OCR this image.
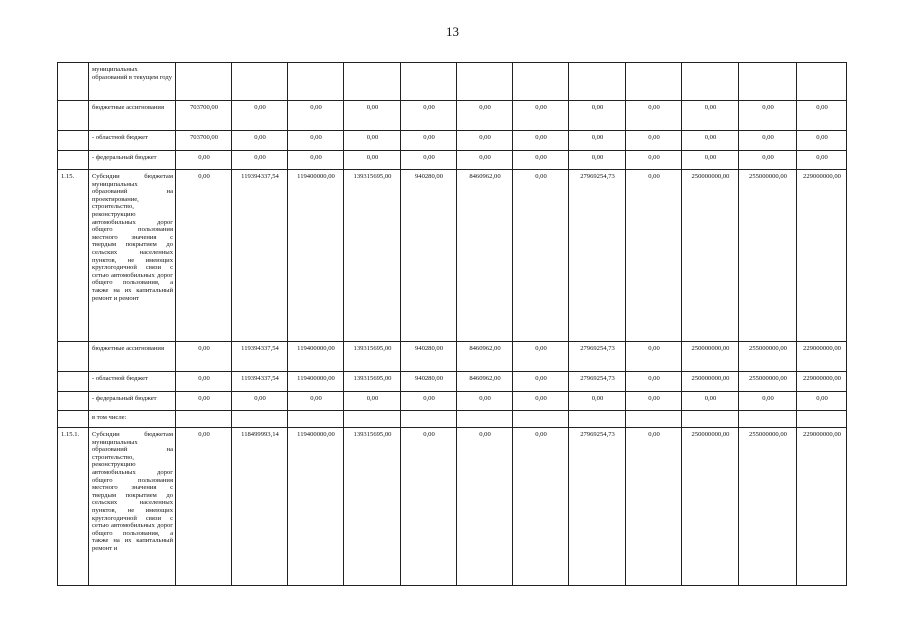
13
	муниципальных образований в текущем году												
	бюджетные ассигнования	703700,00	0,00	0,00	0,00	0,00	0,00	0,00	0,00	0,00	0,00	0,00	0,00
	- областной бюджет	703700,00	0,00	0,00	0,00	0,00	0,00	0,00	0,00	0,00	0,00	0,00	0,00
	- федеральный бюджет	0,00	0,00	0,00	0,00	0,00	0,00	0,00	0,00	0,00	0,00	0,00	0,00
1.15.	Субсидии бюджетам муниципальных образований на проектирование, строительство, реконструкцию автомобильных дорог общего пользования местного значения с твердым покрытием до сельских населенных пунктов, не имеющих круглогодичной связи с сетью автомобильных дорог общего пользования, а также на их капитальный ремонт и ремонт	0,00	119394337,54	119400000,00	139315695,00	940280,00	8460962,00	0,00	27969254,73	0,00	250000000,00	255000000,00	229000000,00
	бюджетные ассигнования	0,00	119394337,54	119400000,00	139315695,00	940280,00	8460962,00	0,00	27969254,73	0,00	250000000,00	255000000,00	229000000,00
	- областной бюджет	0,00	119394337,54	119400000,00	139315695,00	940280,00	8460962,00	0,00	27969254,73	0,00	250000000,00	255000000,00	229000000,00
	- федеральный бюджет	0,00	0,00	0,00	0,00	0,00	0,00	0,00	0,00	0,00	0,00	0,00	0,00
	в том числе:												
1.15.1.	Субсидии бюджетам муниципальных образований на строительство, реконструкцию автомобильных дорог общего пользования местного значения с твердым покрытием до сельских населенных пунктов, не имеющих круглогодичной связи с сетью автомобильных дорог общего пользования, а также на их капитальный ремонт и	0,00	118499993,14	119400000,00	139315695,00	0,00	0,00	0,00	27969254,73	0,00	250000000,00	255000000,00	229000000,00
